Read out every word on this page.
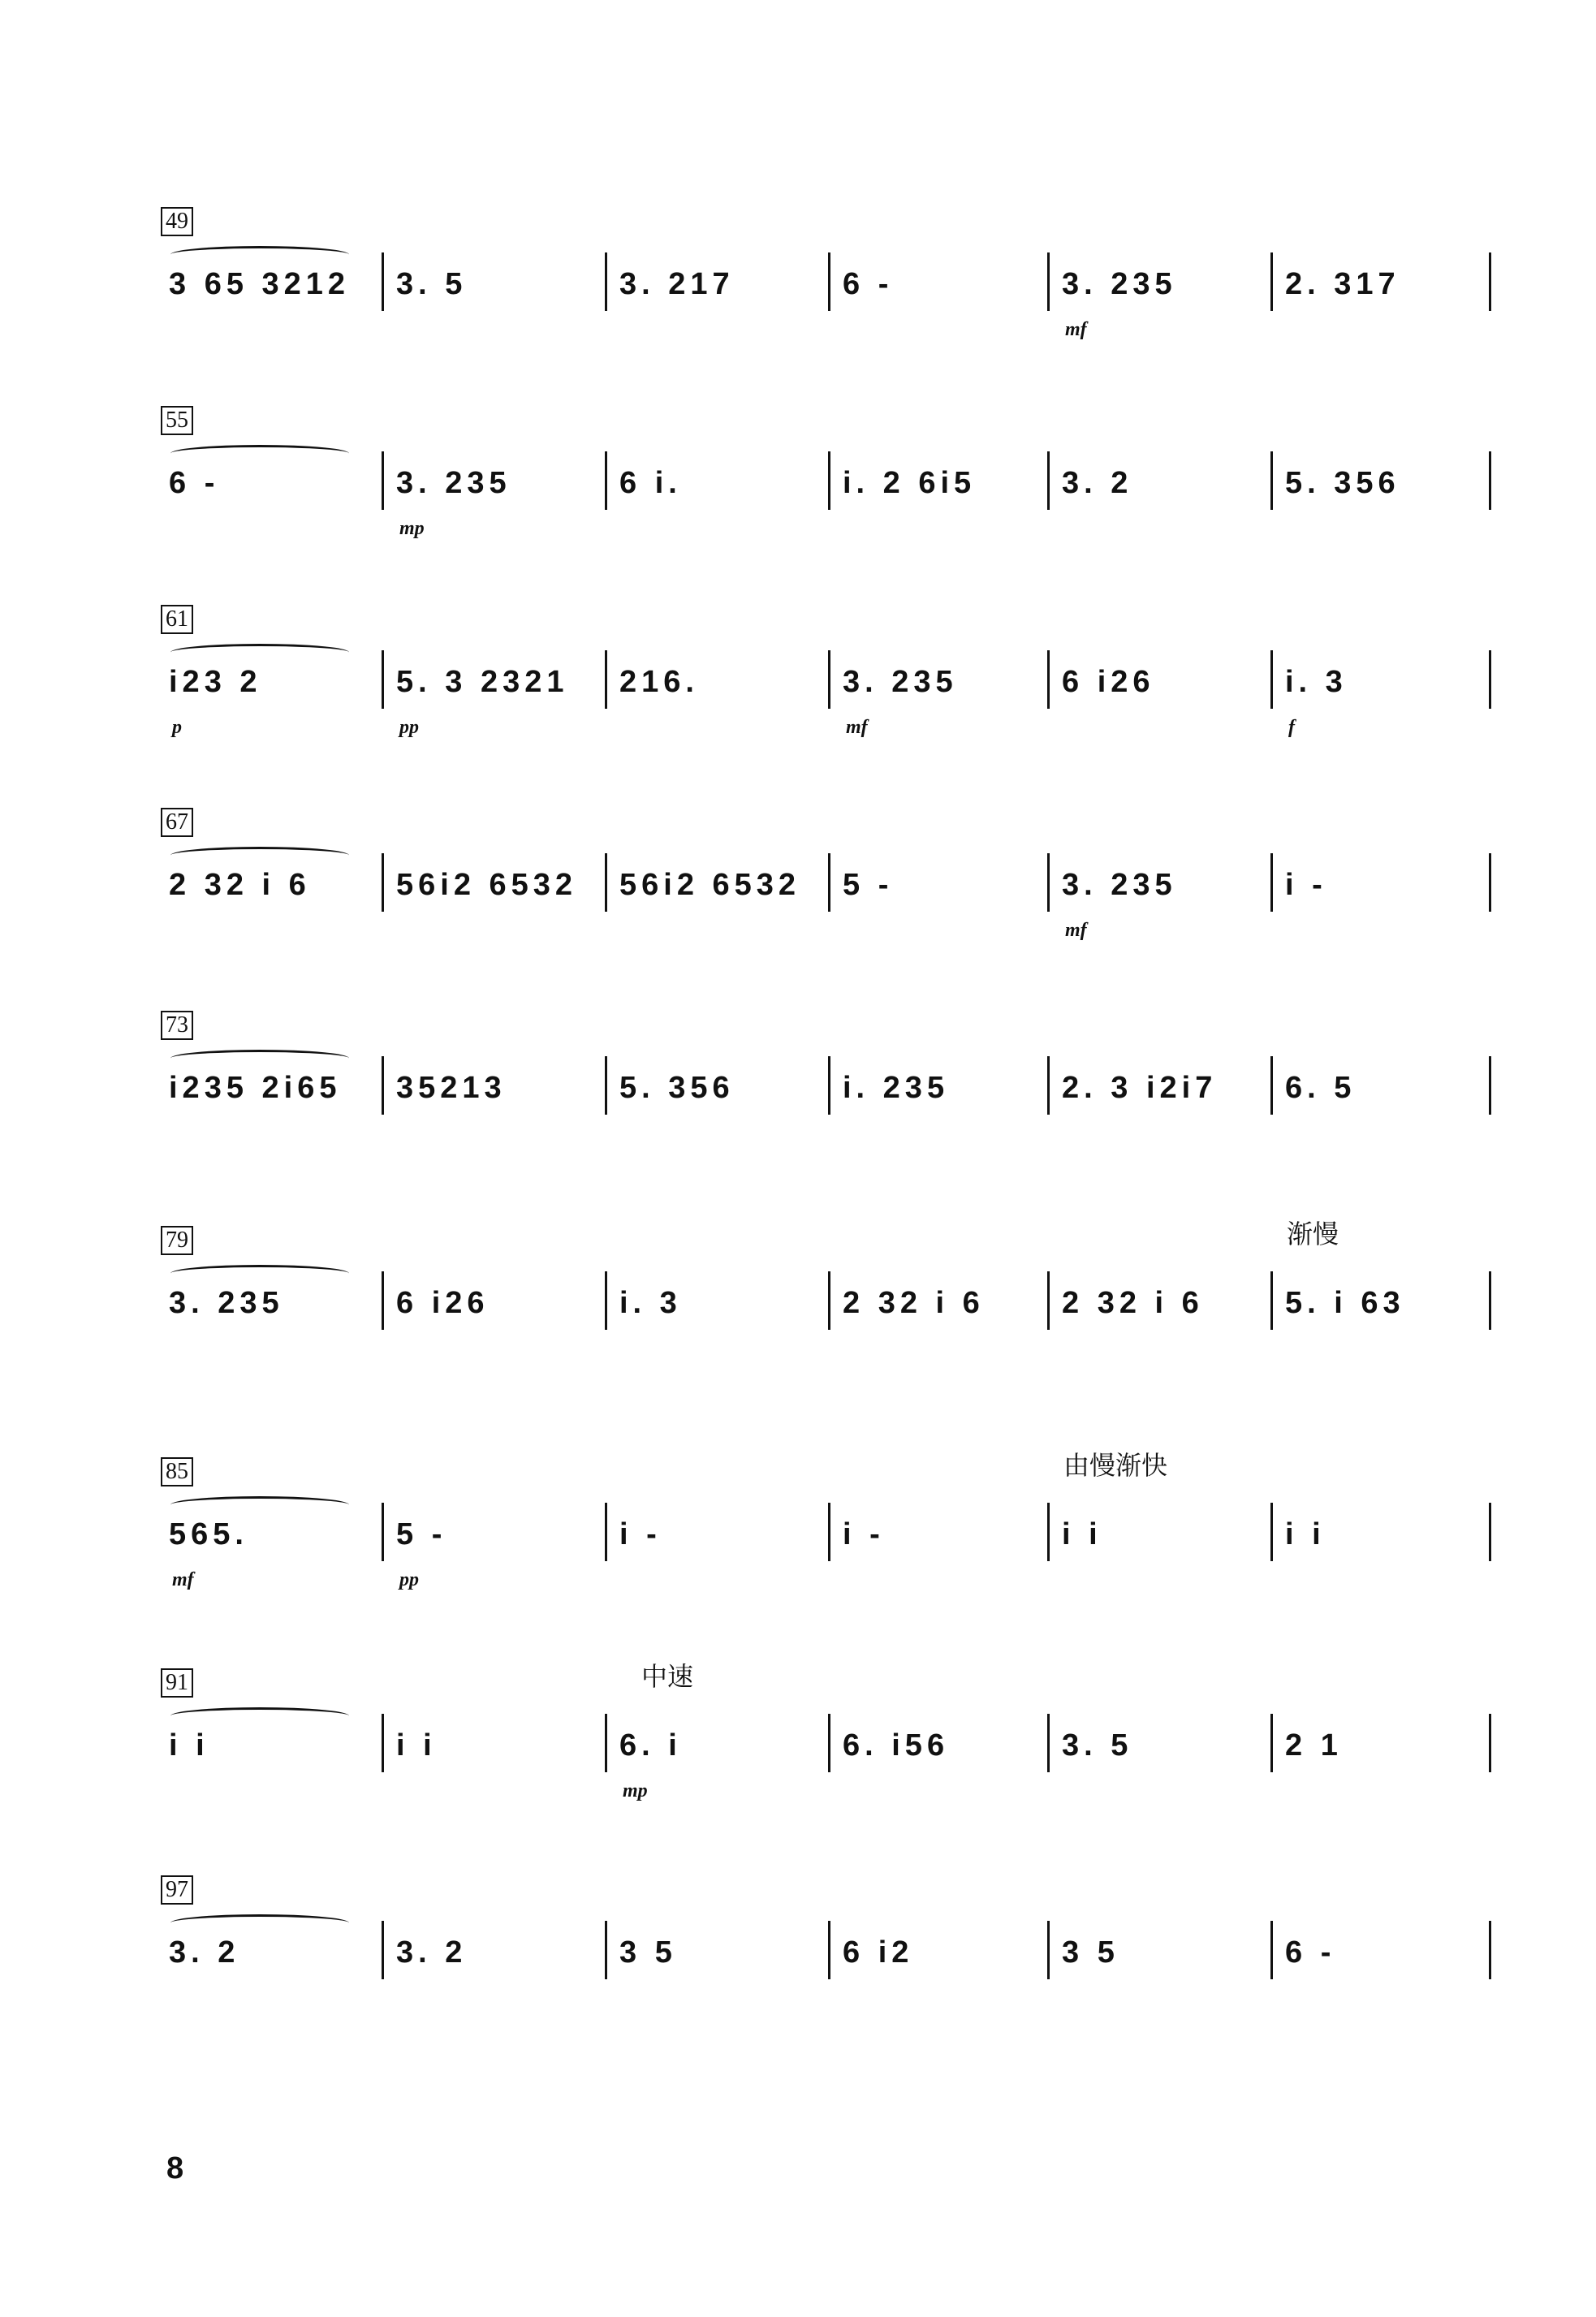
49
3 65 3212	3. 5	3. 217	6 -	3. 235	2. 317
mf
55
6 -	3. 235	6 i.	i. 2 6i5	3. 2	5. 356
mp
61
i23 2	5. 3 2321	216.	3. 235	6 i26	i. 3
p	pp	mf	f
67
2 32 i 6	56i2 6532	56i2 6532	5 -	3. 235	i -
mf
73
i235 2i65	35213	5. 356	i. 235	2. 3 i2i7	6. 5
79	渐慢
3. 235	6 i26	i. 3	2 32 i 6	2 32 i 6	5. i 63
85	由慢渐快
565.	5 -	i -	i -	i i	i i
mf	pp
91	中速
i i	i i	6. i	6. i56	3. 5	2 1
mp
97
3. 2	3. 2	3 5	6 i2	3 5	6 -
8
